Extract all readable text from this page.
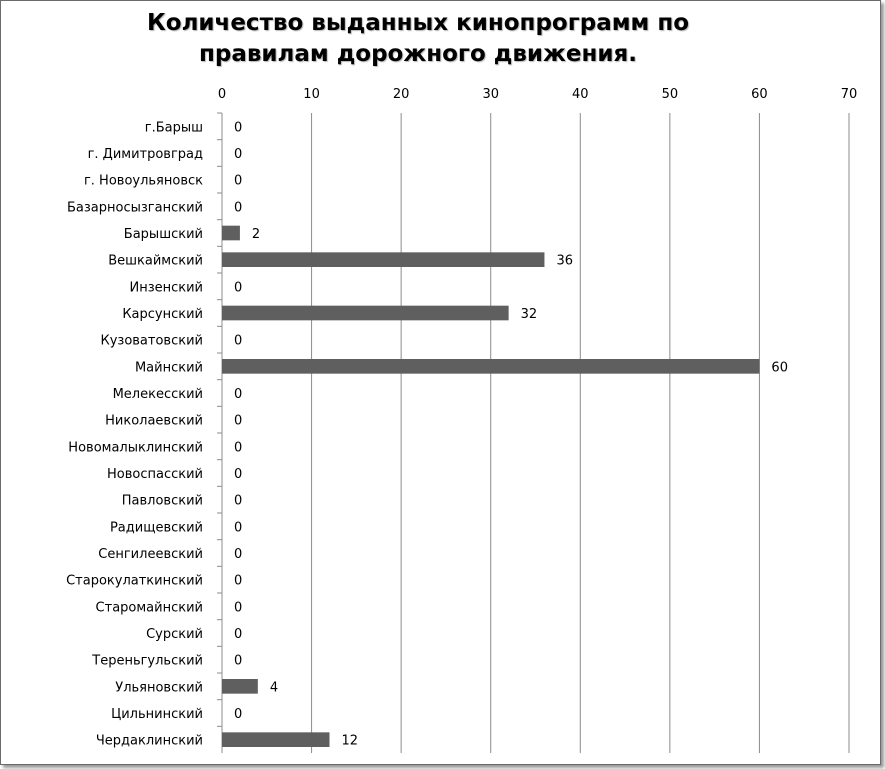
Количество выданных кинопрограмм по
правилам дорожного движения.
0	10	20	30	40	50	60	70
г.Барыш 0
г. Димитровград 0
г. Новоульяновск 0
Базарносызганский 0
Барышский	2
Вешкаймский	36
Инзенский 0
Карсунский	32
Кузоватовский 0
Майнский	60
Мелекесский 0
Николаевский 0
Новомалыклинский 0
Новоспасский 0
Павловский 0
Радищевский 0
Сенгилеевский 0
Старокулаткинский 0
Старомайнский 0
Сурский 0
Тереньгульский 0
Ульяновский	4
Цильнинский 0
Чердаклинский	12
